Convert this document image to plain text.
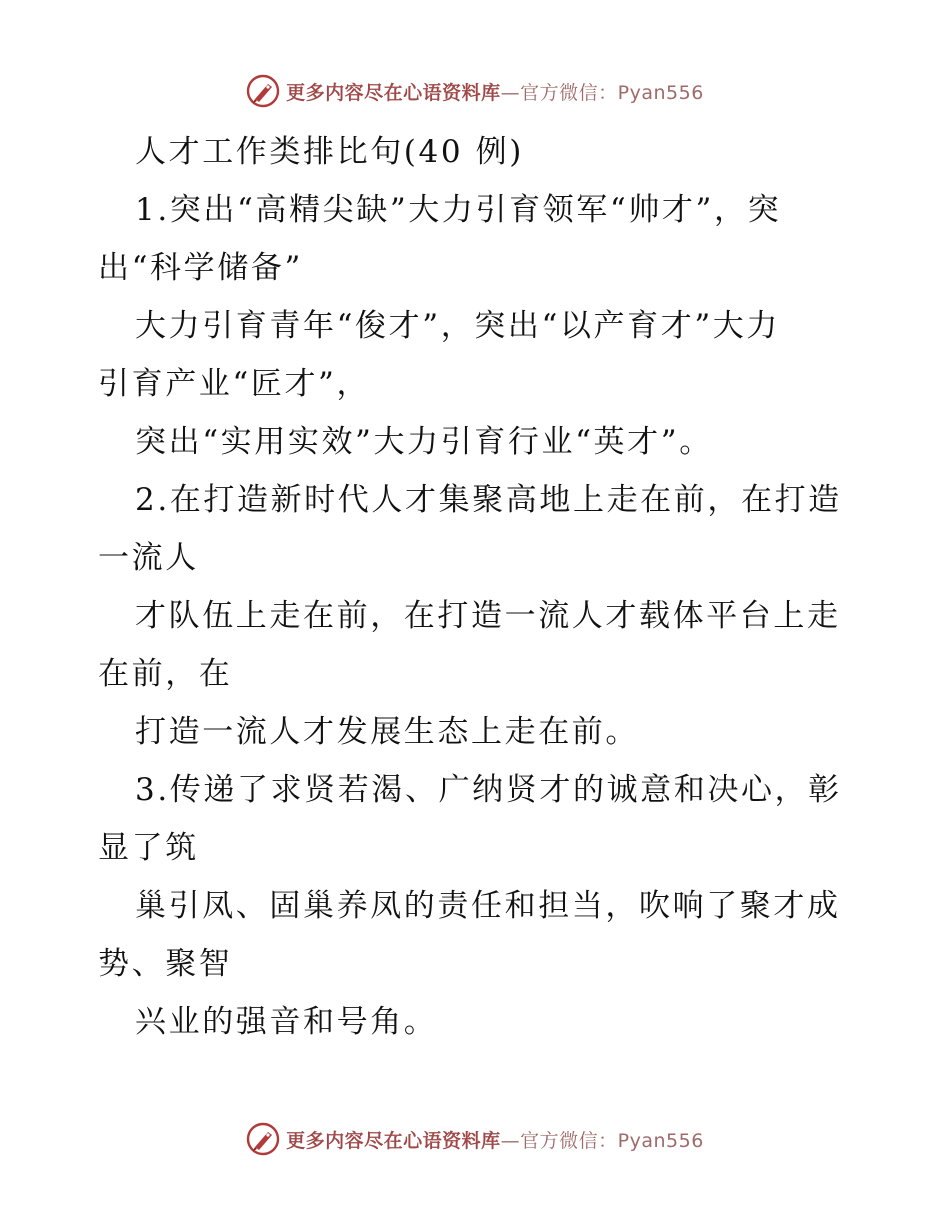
更多内容尽在心语资料库—官方微信：Pyan556
人才工作类排比句(40 例)
1.突出“高精尖缺”大力引育领军“帅才”，突
出“科学储备”
大力引育青年“俊才”，突出“以产育才”大力
引育产业“匠才”，
突出“实用实效”大力引育行业“英才”。
2.在打造新时代人才集聚高地上走在前，在打造
一流人
才队伍上走在前，在打造一流人才载体平台上走
在前，在
打造一流人才发展生态上走在前。
3.传递了求贤若渴、广纳贤才的诚意和决心，彰
显了筑
巢引凤、固巢养凤的责任和担当，吹响了聚才成
势、聚智
兴业的强音和号角。
更多内容尽在心语资料库—官方微信：Pyan556
